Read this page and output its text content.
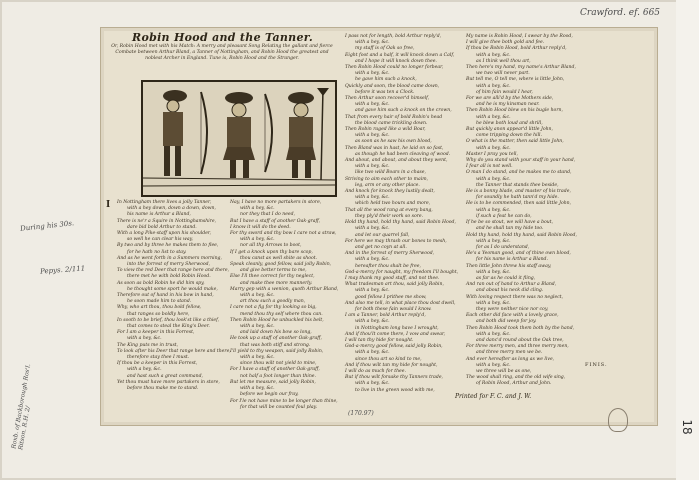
Crawford. ef. 665
During his 30s.
Pepys. 2/111
Roxb. of Backborough Ros'l. Ritson. R.H. 2/
Robin Hood and the Tanner.
Or, Robin Hood met with his Match: A merry and pleasant Song Relating the gallant and fierce Combate between Arthur Bland, a Tanner of Nottingham, and Robin Hood the greatest and noblest Archer in England. Tune is, Robin Hood and the Stranger.
I	In Nottingham there lives a jolly Tanner,
with a hey down, down a down, down,
his name is Arthur a Bland,
There is ne'r a Squire in Nottinghamshire,
dare bid bold Arthur to stand.
With a long Pike-staff upon his shoulder,
so well he can clear his way,
By two and by three he makes them to flee,
for he hath no list to stay.
And as he went forth in a Summers morning,
into the forrest of merry Sherwood,
To view the red Deer that range here and there,
there met he with bold Robin Hood.
As soon as bold Robin he did him spy,
he thought some sport he would make,
Therefore out of hand in his bow in hand,
he soon made him to stand.
Why, who art thou, thou bold fellow,
that ranges so boldly here,
In sooth to be brief, thou look'st like a thief,
that comes to steal the King's Deer.
For I am a keeper in this Forrest,
with a hey, &c.
The King puts me in trust,
To look after his Deer that range here and there,
therefore stay thee I must.
If thou be a keeper in this Forrest,
with a hey, &c.
and hast such a great command,
Yet thou must have more partakers in store,
before thou make me to stand.
Nay, I have no more partakers in store,
with a hey, &c.
nor they that I do need,
But I have a staff of another Oak-graff,
I know it will do the deed.
For thy sword and thy bow I care not a straw,
with a hey, &c.
nor all thy Arrows to boot,
If I get a knock upon thy bare scop,
thou canst as well shite as shoot.
Speak cleanly, good fellow, said jolly Robin,
and give better terms to me,
Else I'll thee correct for thy neglect,
and make thee more mannerly.
Marry gep with a wenion, quoth Arthur Bland,
with a hey, &c.
art thou such a goodly man,
I care not a fig for thy looking so big,
mend thou thy self where thou can.
Then Robin Hood he unbuckled his belt,
with a hey, &c.
and laid down his bow so long,
He took up a staff of another Oak-graff,
that was both stiff and strong.
I'll yield to thy weapon, said jolly Robin,
with a hey, &c.
since thou wilt not yield to mine,
For I have a staff of another Oak-graff,
not half a foot longer than thine.
But let me measure, said jolly Robin,
with a hey, &c.
before we begin our fray,
For I'le not have mine to be longer than thine,
for that will be counted foul play.
I pass not for length, bold Arthur reply'd,
with a hey, &c.
my staff is of Oak so free,
Eight foot and a half, it will knock down a Calf,
and I hope it will knock down thee.
Then Robin Hood could no longer forbear,
with a hey, &c.
he gave him such a knock,
Quickly and soon, the blood came down,
before it was ten a Clock.
Then Arthur soon recover'd himself,
with a hey, &c.
and gave him such a knock on the crown,
That from every hair of bold Robin's head
the blood came trickling down.
Then Robin raged like a wild Boar,
with a hey, &c.
as soon as he saw his own blood,
Then Bland was in hast, he laid on so fast,
as though he had been cleaving of wood.
And about, and about, and about they went,
with a hey, &c.
like two wild Boars in a chase,
Striving to aim each other to maim,
leg, arm or any other place.
And knock for knock they lustily dealt,
with a hey, &c.
which held two hours and more,
That all the wood rang at every bang,
they ply'd their work so sore.
Hold thy hand, hold thy hand, said Robin Hood,
with a hey, &c.
and let our quarrel fall,
For here we may thrash our bones to mesh,
and get no coyn at all.
And in the forrest of merry Sherwood,
with a hey, &c.
hereafter thou shalt be free,
God-a-mercy for naught, my freedom I'll bought,
I may thank my good staff, and not thee.
What tradesman art thou, said jolly Robin,
with a hey, &c.
good fellow I prithee me show,
And also me tell, in what place thou dost dwell,
for both these fain would I know.
I am a Tanner, bold Arthur reply'd,
with a hey, &c.
in Nottingham long have I wrought,
And if thou'lt come there, I vow and swear,
I will tan thy hide for nought.
God-a-mercy good fellow, said jolly Robin,
with a hey, &c.
since thou art so kind to me,
And if thou wilt tan my hide for nought,
I will do as much for thee.
But if thou wilt forsake thy Tanners trade,
with a hey, &c.
to live in the green wood with me,
My name is Robin Hood, I swear by the Rood,
I will give thee both gold and fee.
If thou be Robin Hood, bold Arthur reply'd,
with a hey, &c.
as I think well thou art,
Then here's my hand, my name's Arthur Bland,
we two will never part.
But tell me, O tell me, where is little John,
with a hey, &c.
of him fain would I hear,
For we are alli'd by the Mothers side,
and he is my kinsman near.
Then Robin Hood blew on his bugle horn,
with a hey, &c.
he blew both loud and shrill,
But quickly anon appear'd little John,
come tripping down the hill.
O what is the matter, then said little John,
with a hey, &c.
Master I pray you tell,
Why do you stand with your staff in your hand,
I fear all is not well.
O man I do stand, and he makes me to stand,
with a hey, &c.
the Tanner that stands thee beside,
He is a bonny blade, and master of his trade,
for soundly he hath tann'd my hide.
He is to be commended, then said little John,
with a hey, &c.
if such a feat he can do,
If he be so stout, we will have a bout,
and he shall tan my hide too.
Hold thy hand, hold thy hand, said Robin Hood,
with a hey, &c.
for as I do understand,
He's a Yeoman good, and of thine own blood,
for his name is Arthur a Bland.
Then little John threw his staff away,
with a hey, &c.
as far as he could it fling,
And ran out of hand to Arthur a Bland,
and about his neck did cling.
With loving respect there was no neglect,
with a hey, &c.
they were neither nice nor coy,
Each other did face with a lovely grace,
and both did weep for joy.
Then Robin Hood took them both by the hand,
with a hey, &c.
and danc'd round about the Oak tree,
For three merry men, and three merry men,
and three merry men we be.
And ever hereafter as long as we live,
with a hey, &c.
we three will be as one,
The wood shall ring, and the old wife sing,
of Robin Hood, Arthur and John.
FINIS.
Printed for F. C. and J. W.
(170.97)
18
